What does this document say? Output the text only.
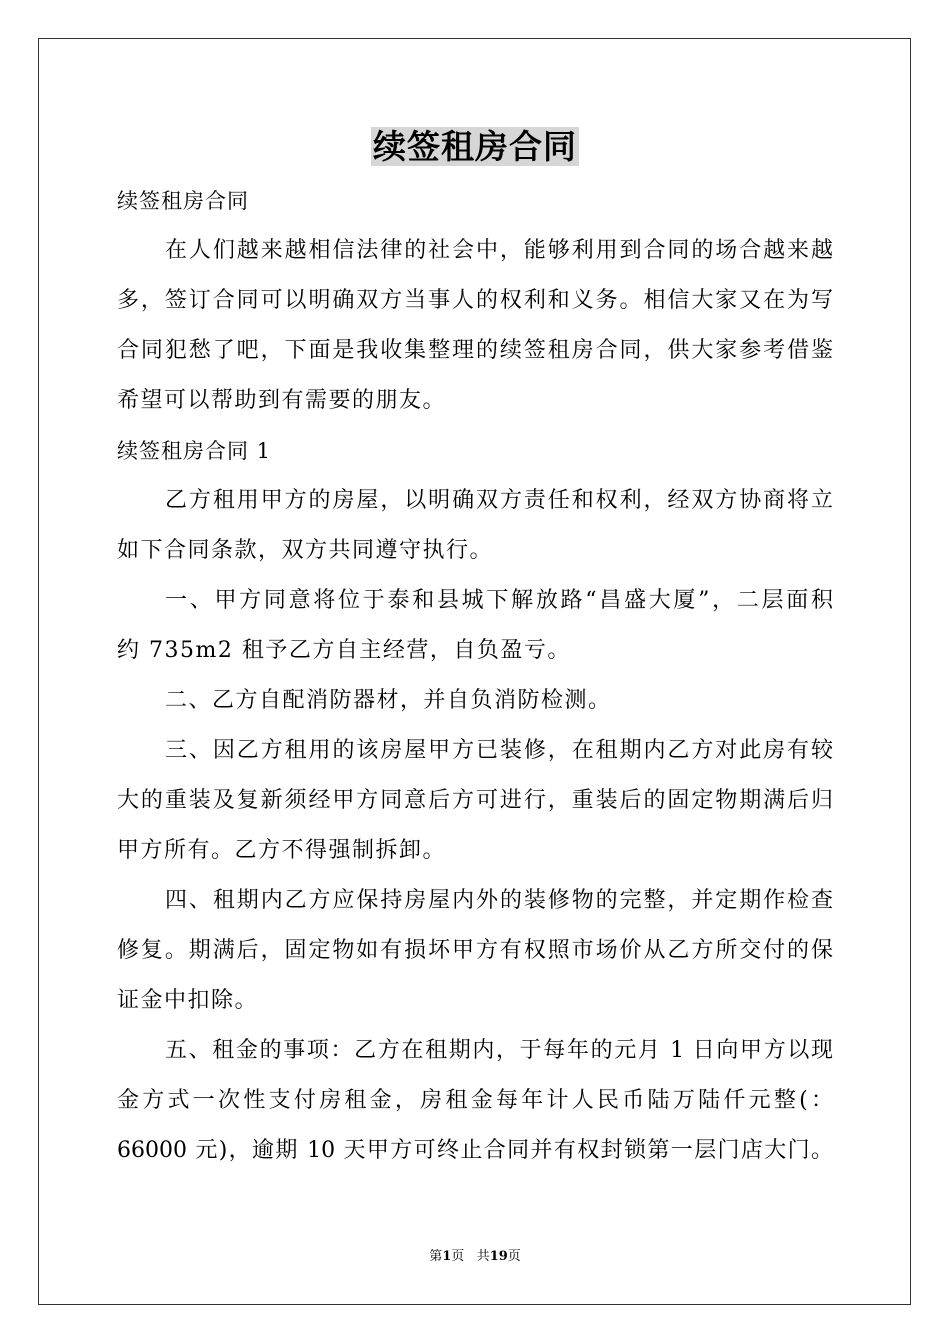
续签租房合同
续签租房合同
在人们越来越相信法律的社会中，能够利用到合同的场合越来越
多，签订合同可以明确双方当事人的权利和义务。相信大家又在为写
合同犯愁了吧，下面是我收集整理的续签租房合同，供大家参考借鉴
希望可以帮助到有需要的朋友。
续签租房合同 1
乙方租用甲方的房屋，以明确双方责任和权利，经双方协商将立
如下合同条款，双方共同遵守执行。
一、甲方同意将位于泰和县城下解放路“昌盛大厦”，二层面积
约 735m2 租予乙方自主经营，自负盈亏。
二、乙方自配消防器材，并自负消防检测。
三、因乙方租用的该房屋甲方已装修，在租期内乙方对此房有较
大的重装及复新须经甲方同意后方可进行，重装后的固定物期满后归
甲方所有。乙方不得强制拆卸。
四、租期内乙方应保持房屋内外的装修物的完整，并定期作检查
修复。期满后，固定物如有损坏甲方有权照市场价从乙方所交付的保
证金中扣除。
五、租金的事项：乙方在租期内，于每年的元月 1 日向甲方以现
金方式一次性支付房租金，房租金每年计人民币陆万陆仟元整(：
66000 元)，逾期 10 天甲方可终止合同并有权封锁第一层门店大门。
第1页 共19页
